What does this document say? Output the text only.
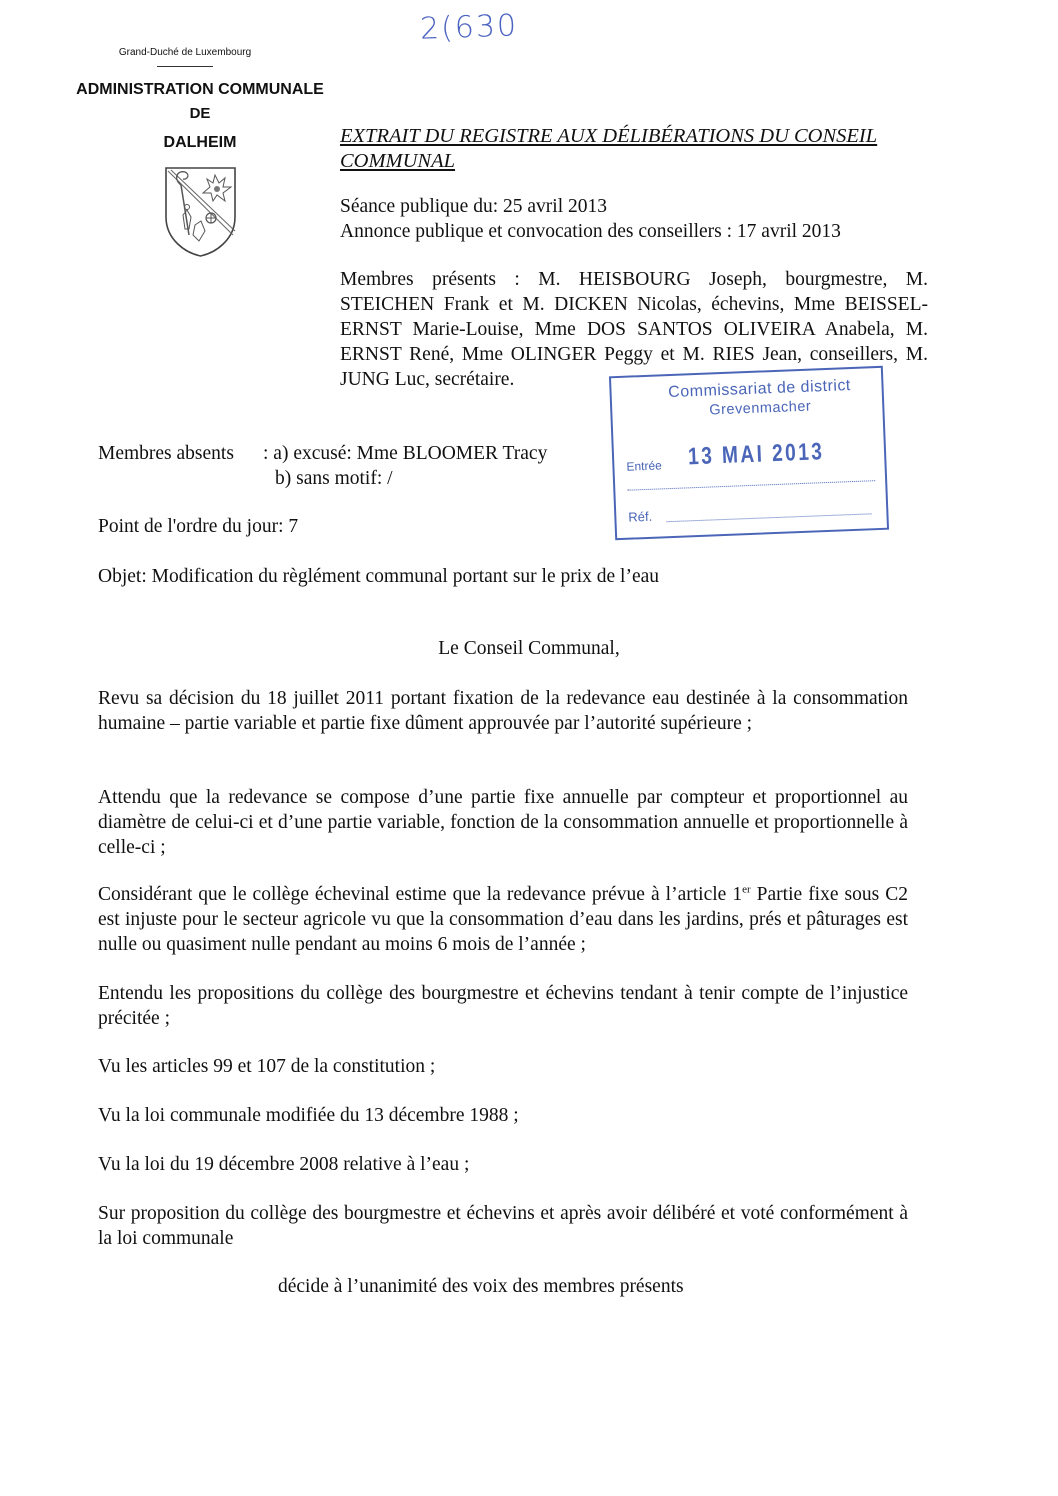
2(630
Grand-Duché de Luxembourg
ADMINISTRATION COMMUNALE
DE
DALHEIM	EXTRAIT DU REGISTRE AUX DÉLIBÉRATIONS DU CONSEIL
COMMUNAL
Séance publique du: 25 avril 2013
Annonce publique et convocation des conseillers : 17 avril 2013
Membres présents : M. HEISBOURG Joseph, bourgmestre, M. STEICHEN Frank et M. DICKEN Nicolas, échevins, Mme BEISSEL-ERNST Marie-Louise, Mme DOS SANTOS OLIVEIRA Anabela, M. ERNST René, Mme OLINGER Peggy et M. RIES Jean, conseillers, M. JUNG Luc, secrétaire.	Commissariat de district
Grevenmacher
Entrée 13 MAI 2013
Réf.
Membres absents : a) excusé: Mme BLOOMER Tracy
b) sans motif: /
Point de l'ordre du jour: 7
Objet: Modification du règlément communal portant sur le prix de l’eau
Le Conseil Communal,
Revu sa décision du 18 juillet 2011 portant fixation de la redevance eau destinée à la consommation humaine – partie variable et partie fixe dûment approuvée par l’autorité supérieure ;
Attendu que la redevance se compose d’une partie fixe annuelle par compteur et proportionnel au diamètre de celui-ci et d’une partie variable, fonction de la consommation annuelle et proportionnelle à celle-ci ;
Considérant que le collège échevinal estime que la redevance prévue à l’article 1er Partie fixe sous C2 est injuste pour le secteur agricole vu que la consommation d’eau dans les jardins, prés et pâturages est nulle ou quasiment nulle pendant au moins 6 mois de l’année ;
Entendu les propositions du collège des bourgmestre et échevins tendant à tenir compte de l’injustice précitée ;
Vu les articles 99 et 107 de la constitution ;
Vu la loi communale modifiée du 13 décembre 1988 ;
Vu la loi du 19 décembre 2008 relative à l’eau ;
Sur proposition du collège des bourgmestre et échevins et après avoir délibéré et voté conformément à la loi communale
décide à l’unanimité des voix des membres présents
